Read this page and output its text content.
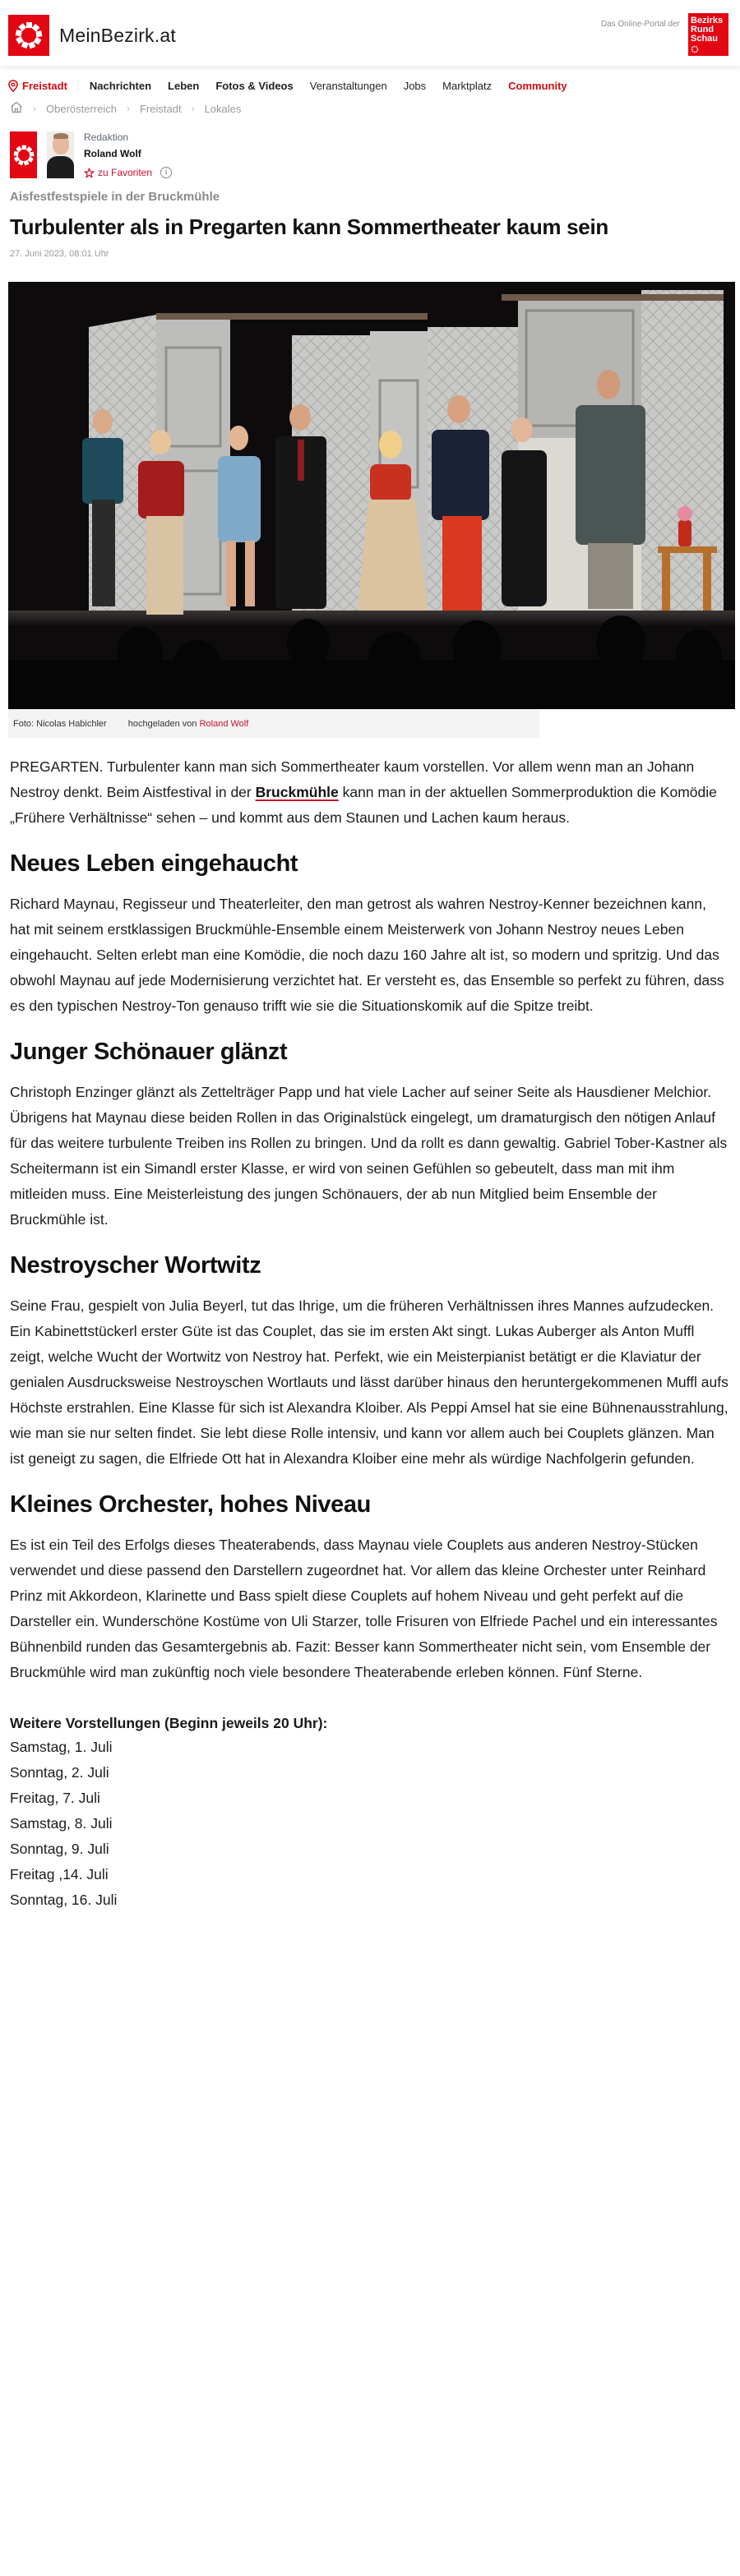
MeinBezirk.at	Das Online-Portal der Bezirks
Rund
Schau
Freistadt Nachrichten Leben Fotos & Videos Veranstaltungen Jobs Marktplatz Community
› Oberösterreich › Freistadt › Lokales
Redaktion
Roland Wolf
zu Favoriten	i
Aisfestfestspiele in der Bruckmühle
Turbulenter als in Pregarten kann Sommertheater kaum sein
27. Juni 2023, 08:01 Uhr
Foto: Nicolas Habichler hochgeladen von Roland Wolf

PREGARTEN. Turbulenter kann man sich Sommertheater kaum vorstellen. Vor allem wenn man an Johann Nestroy denkt. Beim Aistfestival in der Bruckmühle kann man in der aktuellen Sommerproduktion die Komödie „Frühere Verhältnisse“ sehen – und kommt aus dem Staunen und Lachen kaum heraus.

Neues Leben eingehaucht

Richard Maynau, Regisseur und Theaterleiter, den man getrost als wahren Nestroy-Kenner bezeichnen kann, hat mit seinem erstklassigen Bruckmühle-Ensemble einem Meisterwerk von Johann Nestroy neues Leben eingehaucht. Selten erlebt man eine Komödie, die noch dazu 160 Jahre alt ist, so modern und spritzig. Und das obwohl Maynau auf jede Modernisierung verzichtet hat. Er versteht es, das Ensemble so perfekt zu führen, dass es den typischen Nestroy-Ton genauso trifft wie sie die Situationskomik auf die Spitze treibt.

Junger Schönauer glänzt

Christoph Enzinger glänzt als Zettelträger Papp und hat viele Lacher auf seiner Seite als Hausdiener Melchior. Übrigens hat Maynau diese beiden Rollen in das Originalstück eingelegt, um dramaturgisch den nötigen Anlauf für das weitere turbulente Treiben ins Rollen zu bringen. Und da rollt es dann gewaltig. Gabriel Tober-Kastner als Scheitermann ist ein Simandl erster Klasse, er wird von seinen Gefühlen so gebeutelt, dass man mit ihm mitleiden muss. Eine Meisterleistung des jungen Schönauers, der ab nun Mitglied beim Ensemble der Bruckmühle ist.

Nestroyscher Wortwitz

Seine Frau, gespielt von Julia Beyerl, tut das Ihrige, um die früheren Verhältnissen ihres Mannes aufzudecken. Ein Kabinettstückerl erster Güte ist das Couplet, das sie im ersten Akt singt. Lukas Auberger als Anton Muffl zeigt, welche Wucht der Wortwitz von Nestroy hat. Perfekt, wie ein Meisterpianist betätigt er die Klaviatur der genialen Ausdrucksweise Nestroyschen Wortlauts und lässt darüber hinaus den heruntergekommenen Muffl aufs Höchste erstrahlen. Eine Klasse für sich ist Alexandra Kloiber. Als Peppi Amsel hat sie eine Bühnenausstrahlung, wie man sie nur selten findet. Sie lebt diese Rolle intensiv, und kann vor allem auch bei Couplets glänzen. Man ist geneigt zu sagen, die Elfriede Ott hat in Alexandra Kloiber eine mehr als würdige Nachfolgerin gefunden.

Kleines Orchester, hohes Niveau

Es ist ein Teil des Erfolgs dieses Theaterabends, dass Maynau viele Couplets aus anderen Nestroy-Stücken verwendet und diese passend den Darstellern zugeordnet hat. Vor allem das kleine Orchester unter Reinhard Prinz mit Akkordeon, Klarinette und Bass spielt diese Couplets auf hohem Niveau und geht perfekt auf die Darsteller ein. Wunderschöne Kostüme von Uli Starzer, tolle Frisuren von Elfriede Pachel und ein interessantes Bühnenbild runden das Gesamtergebnis ab. Fazit: Besser kann Sommertheater nicht sein, vom Ensemble der Bruckmühle wird man zukünftig noch viele besondere Theaterabende erleben können. Fünf Sterne.

Weitere Vorstellungen (Beginn jeweils 20 Uhr):
Samstag, 1. Juli
Sonntag, 2. Juli
Freitag, 7. Juli
Samstag, 8. Juli
Sonntag, 9. Juli
Freitag ,14. Juli
Sonntag, 16. Juli
